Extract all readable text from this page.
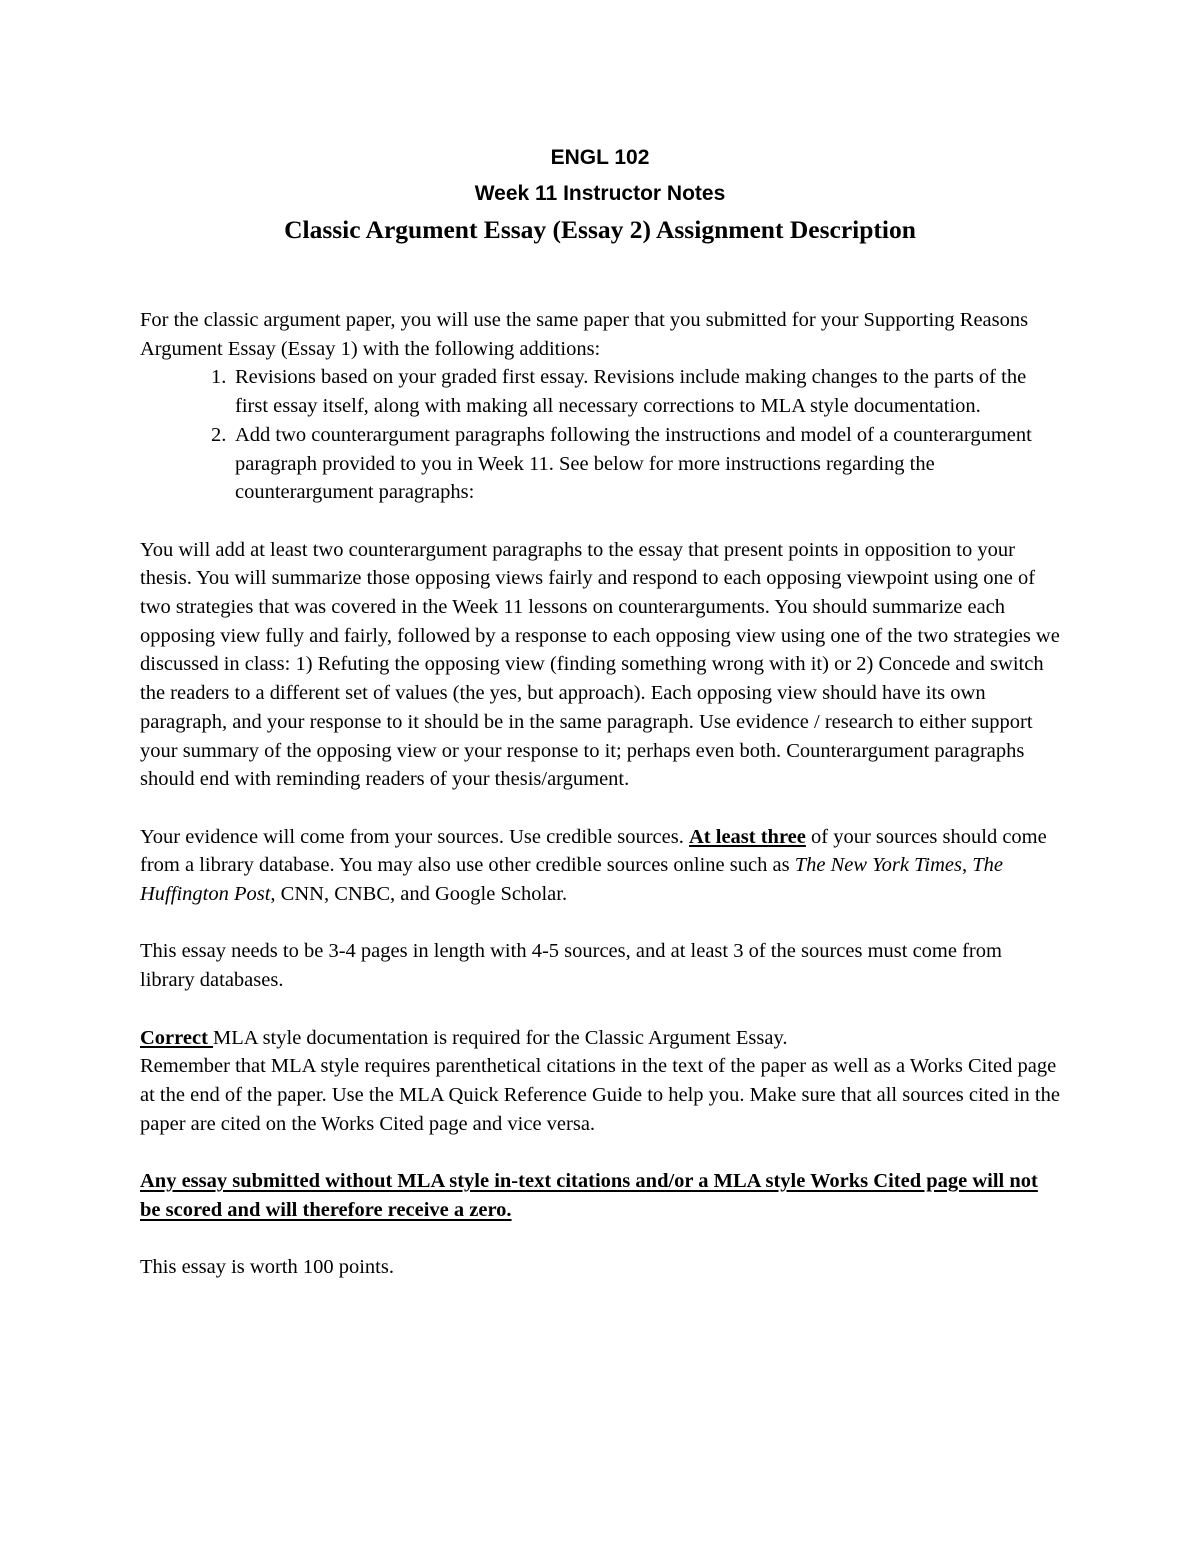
ENGL 102

Week 11 Instructor Notes

Classic Argument Essay (Essay 2) Assignment Description

For the classic argument paper, you will use the same paper that you submitted for your Supporting Reasons Argument Essay (Essay 1) with the following additions:

1. Revisions based on your graded first essay. Revisions include making changes to the parts of the first essay itself, along with making all necessary corrections to MLA style documentation.
2. Add two counterargument paragraphs following the instructions and model of a counterargument paragraph provided to you in Week 11. See below for more instructions regarding the counterargument paragraphs:

You will add at least two counterargument paragraphs to the essay that present points in opposition to your thesis. You will summarize those opposing views fairly and respond to each opposing viewpoint using one of two strategies that was covered in the Week 11 lessons on counterarguments. You should summarize each opposing view fully and fairly, followed by a response to each opposing view using one of the two strategies we discussed in class: 1) Refuting the opposing view (finding something wrong with it) or 2) Concede and switch the readers to a different set of values (the yes, but approach). Each opposing view should have its own paragraph, and your response to it should be in the same paragraph. Use evidence / research to either support your summary of the opposing view or your response to it; perhaps even both. Counterargument paragraphs should end with reminding readers of your thesis/argument.

Your evidence will come from your sources. Use credible sources. At least three of your sources should come from a library database. You may also use other credible sources online such as The New York Times, The Huffington Post, CNN, CNBC, and Google Scholar.

This essay needs to be 3-4 pages in length with 4-5 sources, and at least 3 of the sources must come from library databases.

Correct MLA style documentation is required for the Classic Argument Essay.

Remember that MLA style requires parenthetical citations in the text of the paper as well as a Works Cited page at the end of the paper. Use the MLA Quick Reference Guide to help you. Make sure that all sources cited in the paper are cited on the Works Cited page and vice versa.

Any essay submitted without MLA style in-text citations and/or a MLA style Works Cited page will not be scored and will therefore receive a zero.

This essay is worth 100 points.
